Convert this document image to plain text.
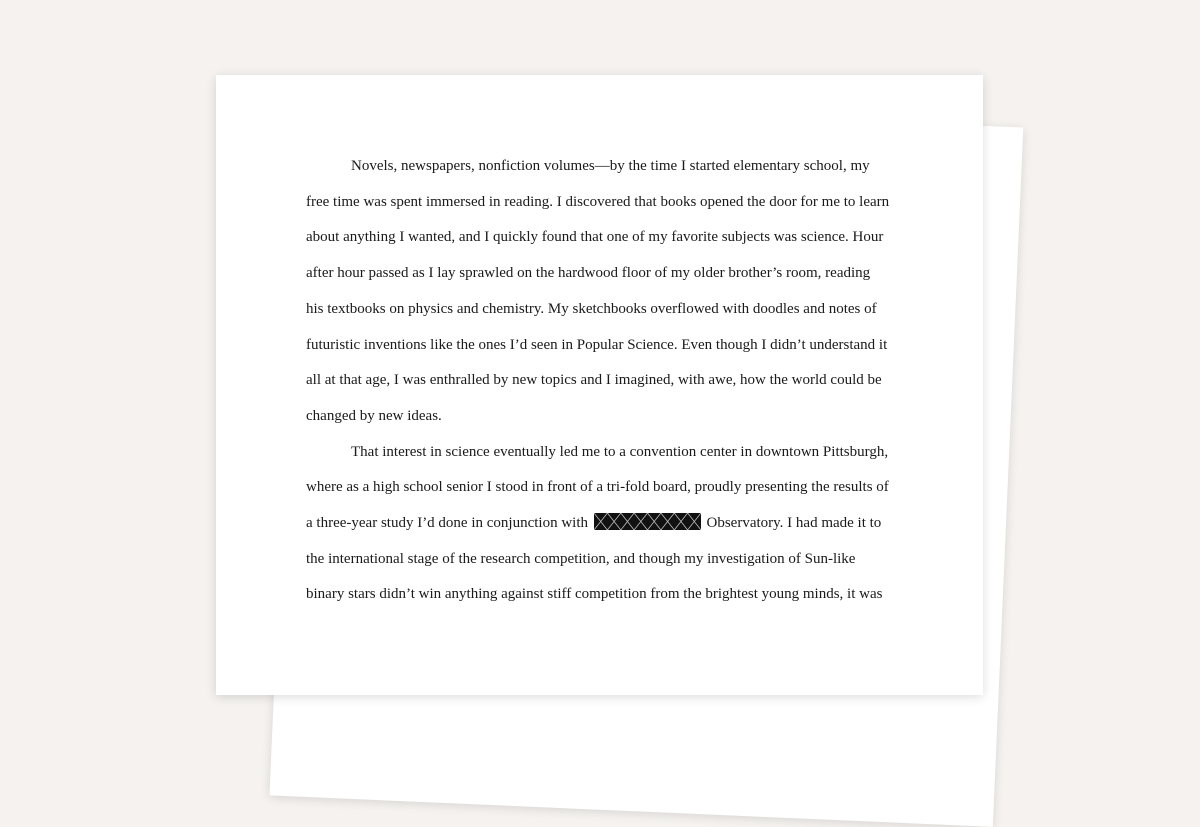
Novels, newspapers, nonfiction volumes—by the time I started elementary school, my
free time was spent immersed in reading. I discovered that books opened the door for me to learn
about anything I wanted, and I quickly found that one of my favorite subjects was science. Hour
after hour passed as I lay sprawled on the hardwood floor of my older brother’s room, reading
his textbooks on physics and chemistry. My sketchbooks overflowed with doodles and notes of
futuristic inventions like the ones I’d seen in Popular Science. Even though I didn’t understand it
all at that age, I was enthralled by new topics and I imagined, with awe, how the world could be
changed by new ideas.
That interest in science eventually led me to a convention center in downtown Pittsburgh,
where as a high school senior I stood in front of a tri-fold board, proudly presenting the results of
a three-year study I’d done in conjunction with	Observatory. I had made it to
the international stage of the research competition, and though my investigation of Sun-like
binary stars didn’t win anything against stiff competition from the brightest young minds, it was
